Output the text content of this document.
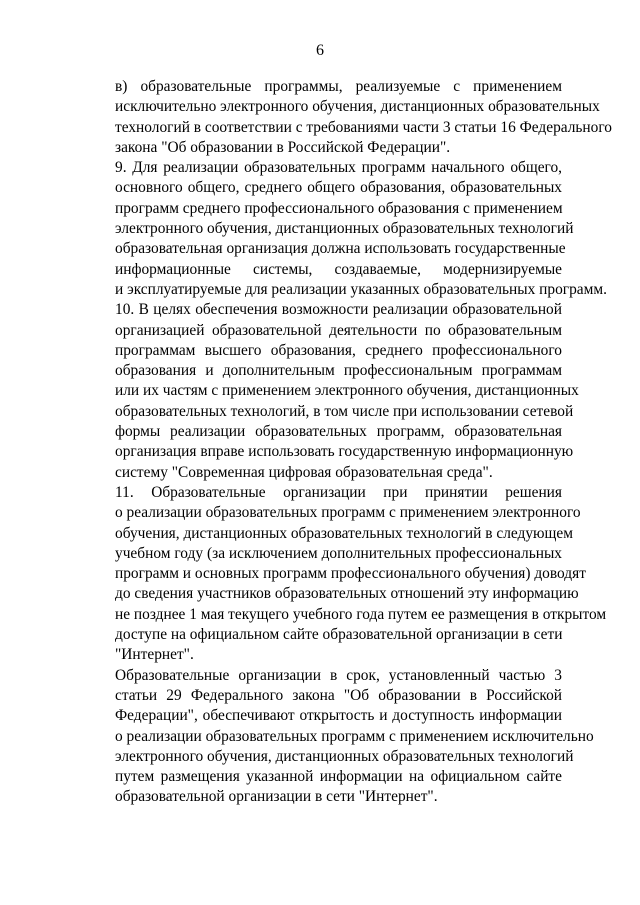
6

в) образовательные программы, реализуемые с применением
исключительно электронного обучения, дистанционных образовательных
технологий в соответствии с требованиями части 3 статьи 16 Федерального
закона "Об образовании в Российской Федерации".

9. Для реализации образовательных программ начального общего,
основного общего, среднего общего образования, образовательных
программ среднего профессионального образования с применением
электронного обучения, дистанционных образовательных технологий
образовательная организация должна использовать государственные
информационные системы, создаваемые, модернизируемые
и эксплуатируемые для реализации указанных образовательных программ.

10. В целях обеспечения возможности реализации образовательной
организацией образовательной деятельности по образовательным
программам высшего образования, среднего профессионального
образования и дополнительным профессиональным программам
или их частям с применением электронного обучения, дистанционных
образовательных технологий, в том числе при использовании сетевой
формы реализации образовательных программ, образовательная
организация вправе использовать государственную информационную
систему "Современная цифровая образовательная среда".

11. Образовательные организации при принятии решения
о реализации образовательных программ с применением электронного
обучения, дистанционных образовательных технологий в следующем
учебном году (за исключением дополнительных профессиональных
программ и основных программ профессионального обучения) доводят
до сведения участников образовательных отношений эту информацию
не позднее 1 мая текущего учебного года путем ее размещения в открытом
доступе на официальном сайте образовательной организации в сети
"Интернет".

Образовательные организации в срок, установленный частью 3
статьи 29 Федерального закона "Об образовании в Российской
Федерации", обеспечивают открытость и доступность информации
о реализации образовательных программ с применением исключительно
электронного обучения, дистанционных образовательных технологий
путем размещения указанной информации на официальном сайте
образовательной организации в сети "Интернет".
